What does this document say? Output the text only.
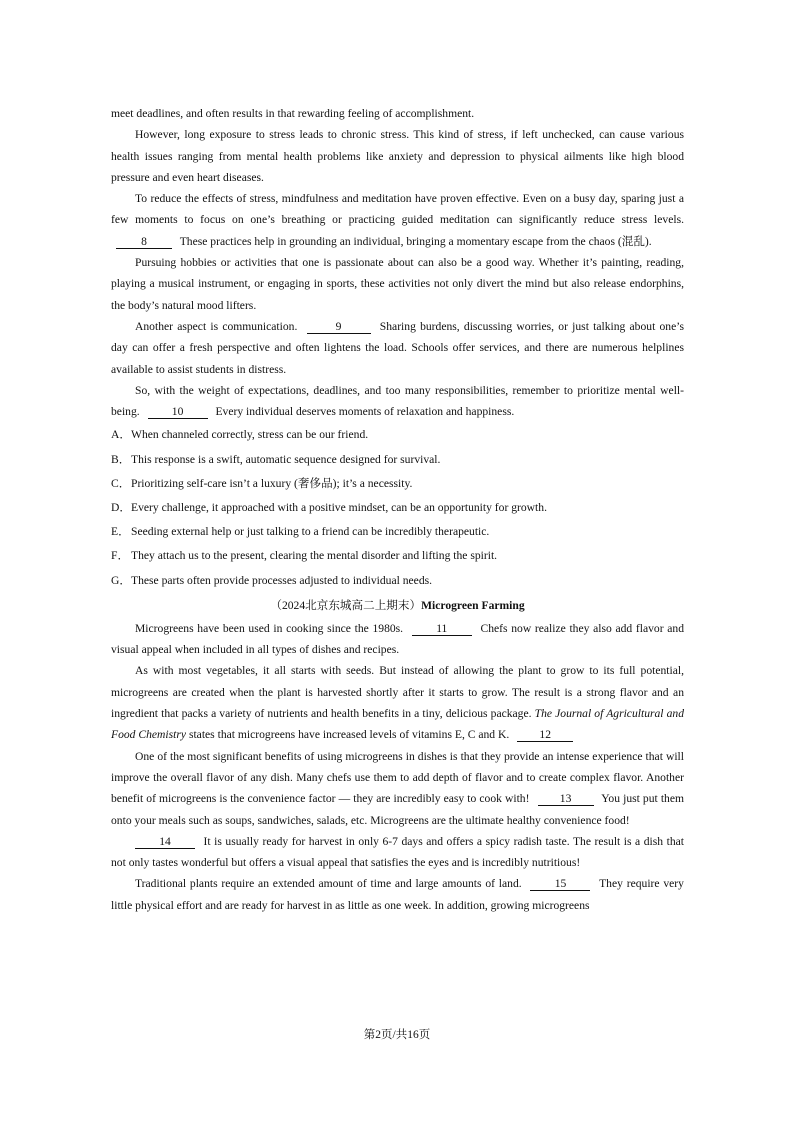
meet deadlines, and often results in that rewarding feeling of accomplishment.

However, long exposure to stress leads to chronic stress. This kind of stress, if left unchecked, can cause various health issues ranging from mental health problems like anxiety and depression to physical ailments like high blood pressure and even heart diseases.

To reduce the effects of stress, mindfulness and meditation have proven effective. Even on a busy day, sparing just a few moments to focus on one’s breathing or practicing guided meditation can significantly reduce stress levels. 8	These practices help in grounding an individual, bringing a momentary escape from the chaos (混乱).

Pursuing hobbies or activities that one is passionate about can also be a good way. Whether it’s painting, reading, playing a musical instrument, or engaging in sports, these activities not only divert the mind but also release endorphins, the body’s natural mood lifters.

Another aspect is communication.	9	Sharing burdens, discussing worries, or just talking about one’s day can offer a fresh perspective and often lightens the load. Schools offer services, and there are numerous helplines available to assist students in distress.

So, with the weight of expectations, deadlines, and too many responsibilities, remember to prioritize mental well-being.	10	Every individual deserves moments of relaxation and happiness.

A．When channeled correctly, stress can be our friend.

B．This response is a swift, automatic sequence designed for survival.

C．Prioritizing self-care isn’t a luxury (奢侈品); it’s a necessity.

D．Every challenge, it approached with a positive mindset, can be an opportunity for growth.

E．Seeding external help or just talking to a friend can be incredibly therapeutic.

F． They attach us to the present, clearing the mental disorder and lifting the spirit.

G．These parts often provide processes adjusted to individual needs.

（2024北京东城高二上期末）Microgreen Farming

Microgreens have been used in cooking since the 1980s.	11	Chefs now realize they also add flavor and visual appeal when included in all types of dishes and recipes.

As with most vegetables, it all starts with seeds. But instead of allowing the plant to grow to its full potential, microgreens are created when the plant is harvested shortly after it starts to grow. The result is a strong flavor and an ingredient that packs a variety of nutrients and health benefits in a tiny, delicious package. The Journal of Agricultural and Food Chemistry states that microgreens have increased levels of vitamins E, C and K.	12

One of the most significant benefits of using microgreens in dishes is that they provide an intense experience that will improve the overall flavor of any dish. Many chefs use them to add depth of flavor and to create complex flavor. Another benefit of microgreens is the convenience factor — they are incredibly easy to cook with!	13	You just put them onto your meals such as soups, sandwiches, salads, etc. Microgreens are the ultimate healthy convenience food!

14	It is usually ready for harvest in only 6-7 days and offers a spicy radish taste. The result is a dish that not only tastes wonderful but offers a visual appeal that satisfies the eyes and is incredibly nutritious!

Traditional plants require an extended amount of time and large amounts of land.	15	They require very little physical effort and are ready for harvest in as little as one week. In addition, growing microgreens

第2页/共16页
